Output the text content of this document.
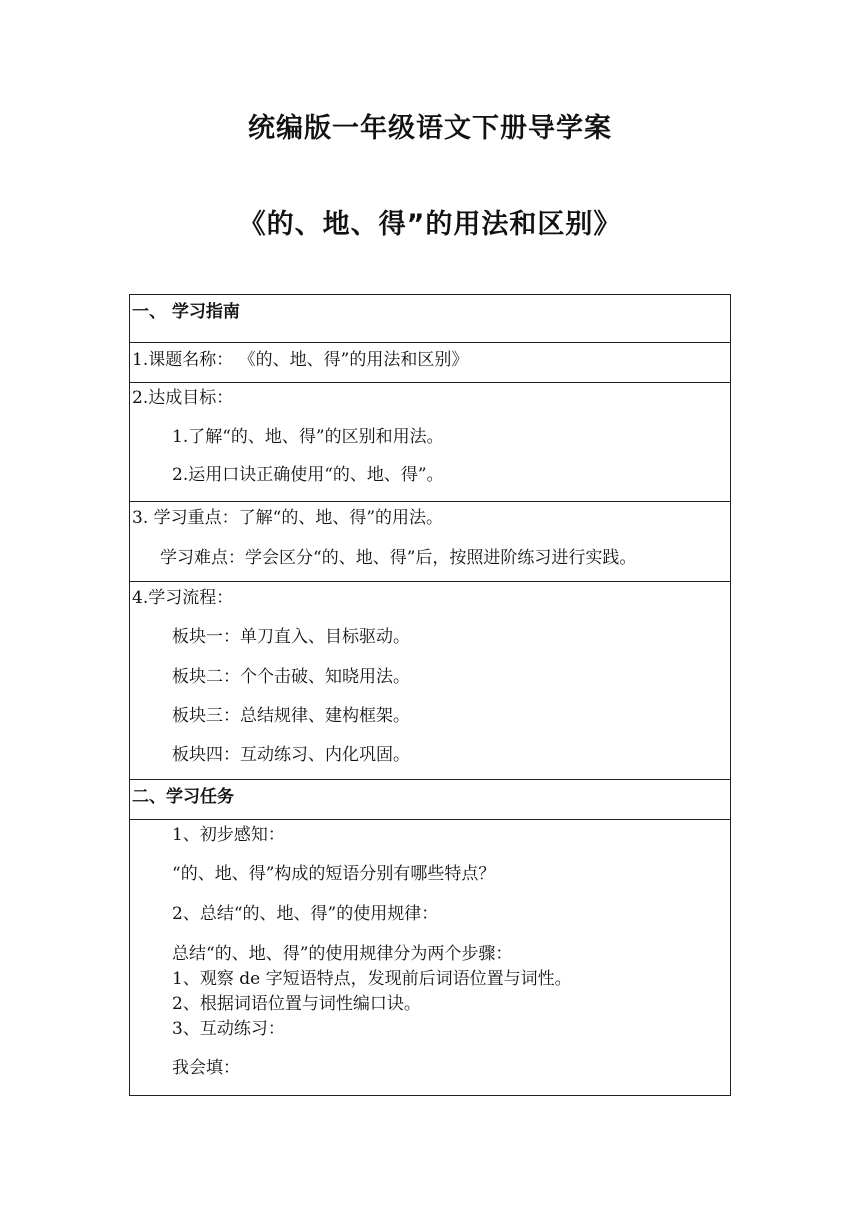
统编版一年级语文下册导学案
《的、地、得”的用法和区别》
一、 学习指南
1.课题名称： 《的、地、得”的用法和区别》
2.达成目标：
1.了解“的、地、得”的区别和用法。
2.运用口诀正确使用“的、地、得”。
3. 学习重点：了解“的、地、得”的用法。
学习难点：学会区分“的、地、得”后，按照进阶练习进行实践。
4.学习流程：
板块一：单刀直入、目标驱动。
板块二：个个击破、知晓用法。
板块三：总结规律、建构框架。
板块四：互动练习、内化巩固。
二、学习任务
1、初步感知：
“的、地、得”构成的短语分别有哪些特点？
2、总结“的、地、得”的使用规律：
总结“的、地、得”的使用规律分为两个步骤：
1、观察 de 字短语特点，发现前后词语位置与词性。
2、根据词语位置与词性编口诀。
3、互动练习：
我会填：
